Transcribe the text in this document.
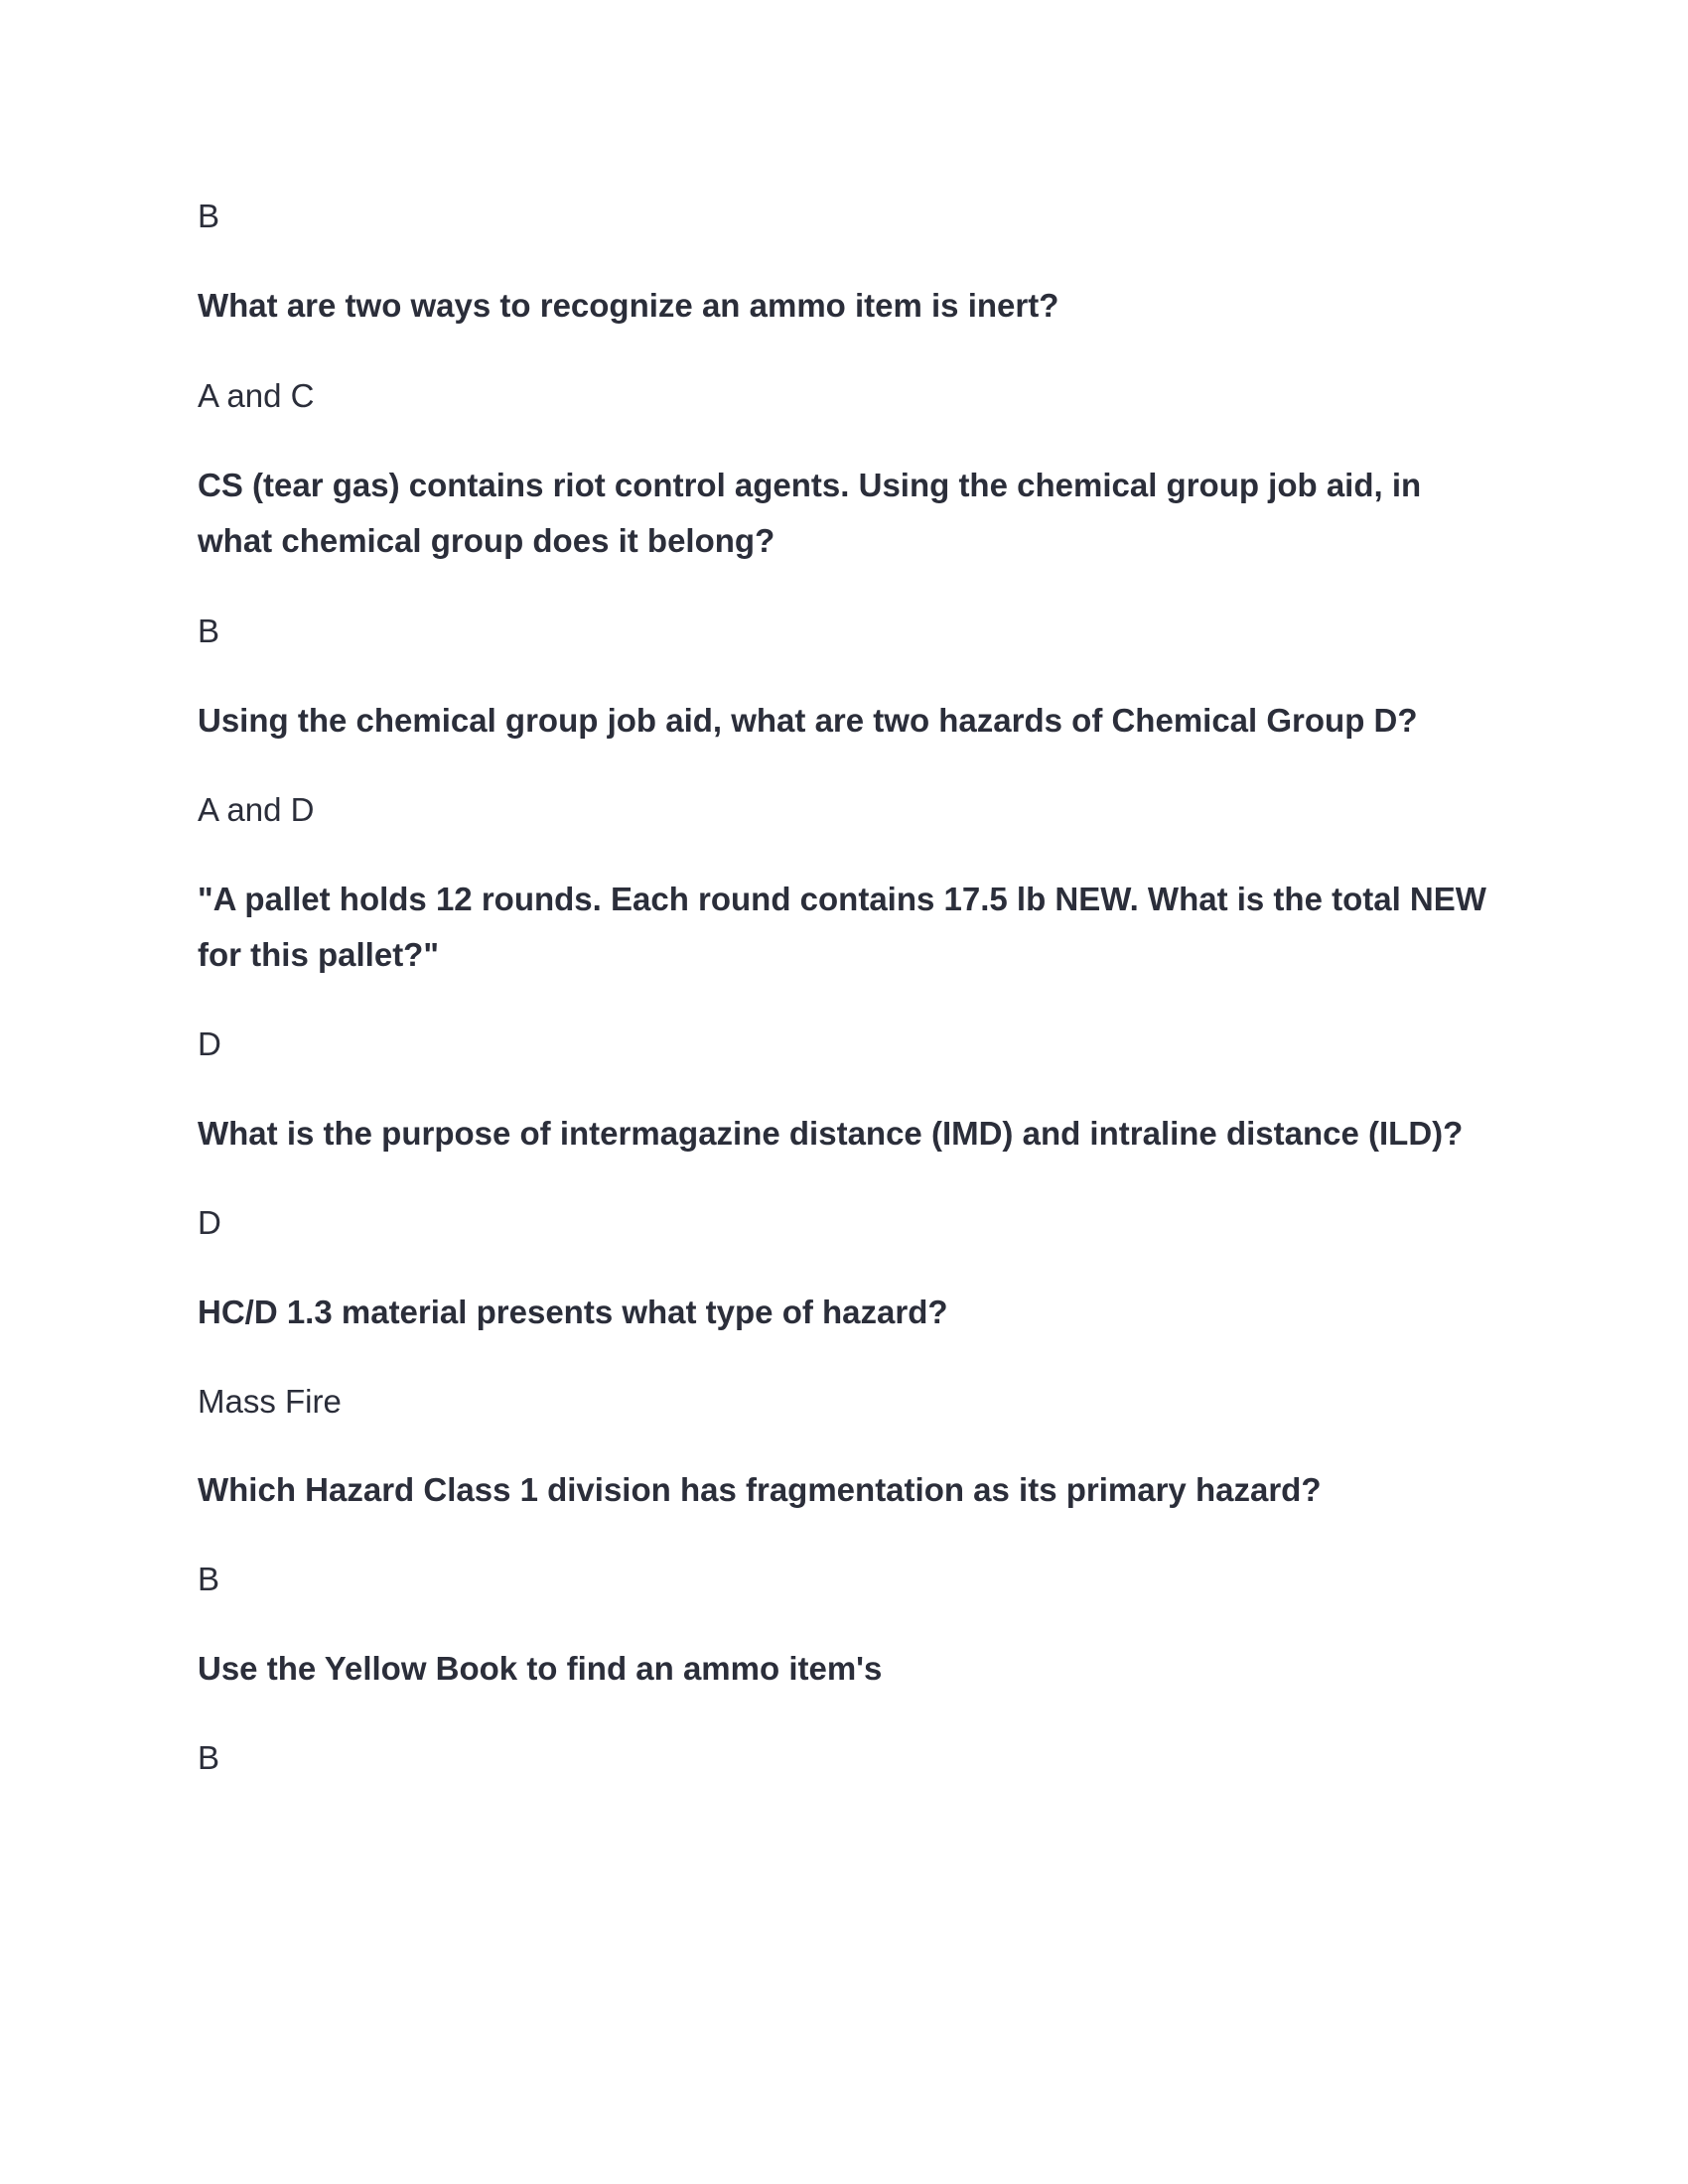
B

What are two ways to recognize an ammo item is inert?

A and C

CS (tear gas) contains riot control agents. Using the chemical group job aid, in what chemical group does it belong?

B

Using the chemical group job aid, what are two hazards of Chemical Group D?

A and D

"A pallet holds 12 rounds. Each round contains 17.5 lb NEW. What is the total NEW for this pallet?"

D

What is the purpose of intermagazine distance (IMD) and intraline distance (ILD)?

D

HC/D 1.3 material presents what type of hazard?

Mass Fire

Which Hazard Class 1 division has fragmentation as its primary hazard?

B

Use the Yellow Book to find an ammo item's

B
